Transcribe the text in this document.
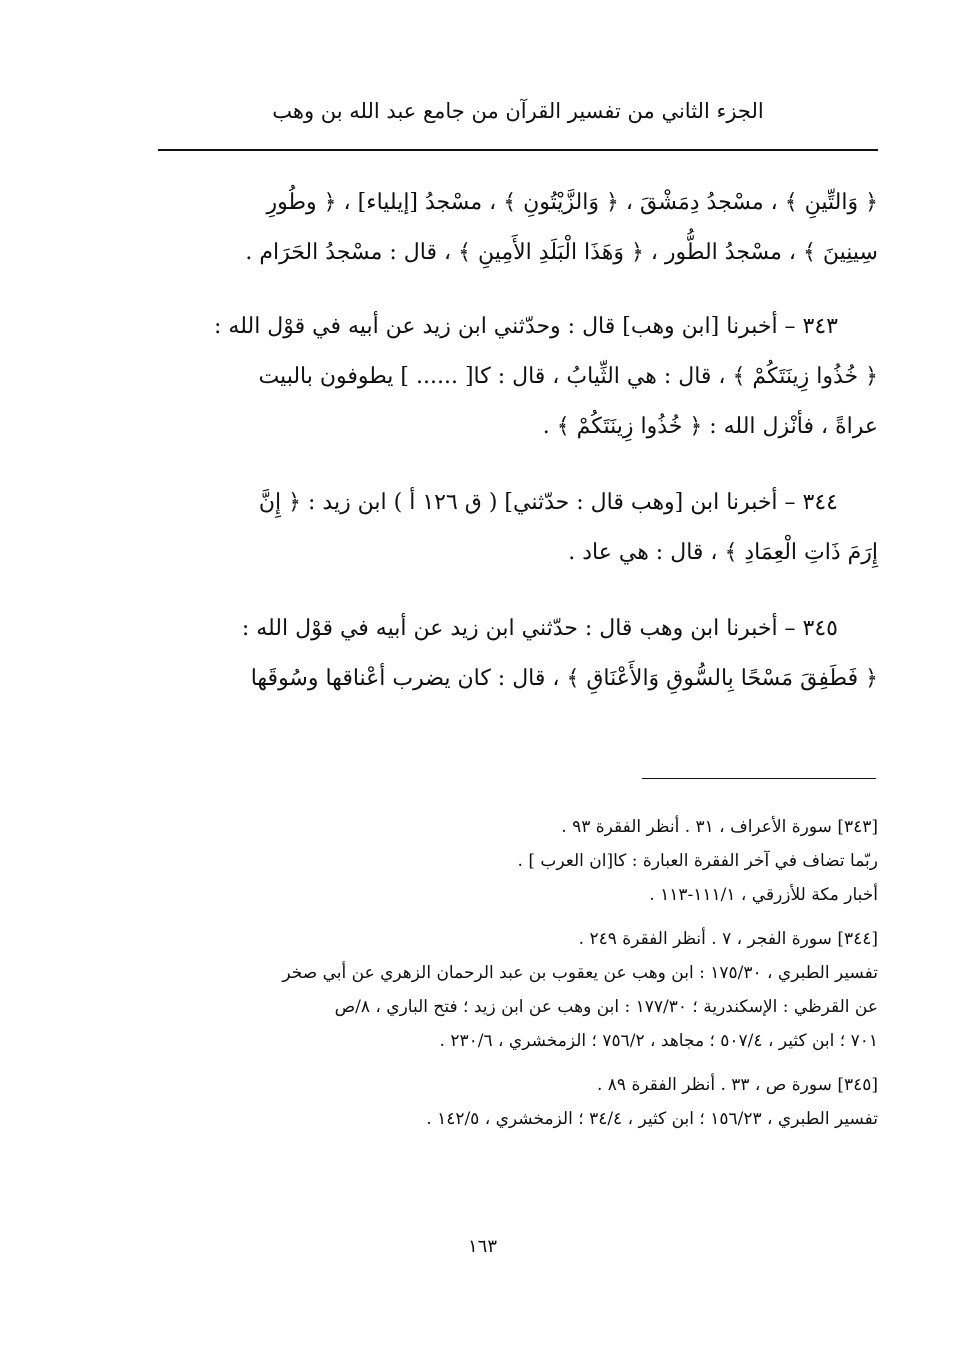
الجزء الثاني من تفسير القرآن من جامع عبد الله بن وهب
﴿ وَالتِّينِ ﴾ ، مسْجدُ دِمَشْقَ ، ﴿ وَالزَّيْتُونِ ﴾ ، مسْجدُ [إيلياء] ، ﴿ وطُورِ
سِينِينَ ﴾ ، مسْجدُ الطُّور ، ﴿ وَهَذَا الْبَلَدِ الأَمِينِ ﴾ ، قال : مسْجدُ الحَرَام .
٣٤٣ – أخبرنا [ابن وهب] قال : وحدّثني ابن زيد عن أبيه في قوْل الله :
﴿ خُذُوا زِينَتَكُمْ ﴾ ، قال : هي الثِّيابُ ، قال : كا[ ...... ] يطوفون بالبيت
عراةً ، فأنْزل الله : ﴿ خُذُوا زِينَتَكُمْ ﴾ .
٣٤٤ – أخبرنا ابن [وهب قال : حدّثني] ( ق ١٢٦ أ ) ابن زيد : ﴿ إِنَّ
إِرَمَ ذَاتِ الْعِمَادِ ﴾ ، قال : هي عاد .
٣٤٥ – أخبرنا ابن وهب قال : حدّثني ابن زيد عن أبيه في قوْل الله :
﴿ فَطَفِقَ مَسْحًا بِالسُّوقِ وَالأَعْنَاقِ ﴾ ، قال : كان يضرب أعْناقها وسُوقَها
[٣٤٣] سورة الأعراف ، ٣١ . أنظر الفقرة ٩٣ .
ربّما تضاف في آخر الفقرة العبارة : كا[ان العرب ] .
أخبار مكة للأزرقي ، ١١١/١-١١٣ .
[٣٤٤] سورة الفجر ، ٧ . أنظر الفقرة ٢٤٩ .
تفسير الطبري ، ١٧٥/٣٠ : ابن وهب عن يعقوب بن عبد الرحمان الزهري عن أبي صخر
عن القرظي : الإسكندرية ؛ ١٧٧/٣٠ : ابن وهب عن ابن زيد ؛ فتح الباري ، ٨/ص
٧٠١ ؛ ابن كثير ، ٥٠٧/٤ ؛ مجاهد ، ٧٥٦/٢ ؛ الزمخشري ، ٢٣٠/٦ .
[٣٤٥] سورة ص ، ٣٣ . أنظر الفقرة ٨٩ .
تفسير الطبري ، ١٥٦/٢٣ ؛ ابن كثير ، ٣٤/٤ ؛ الزمخشري ، ١٤٢/٥ .
١٦٣
